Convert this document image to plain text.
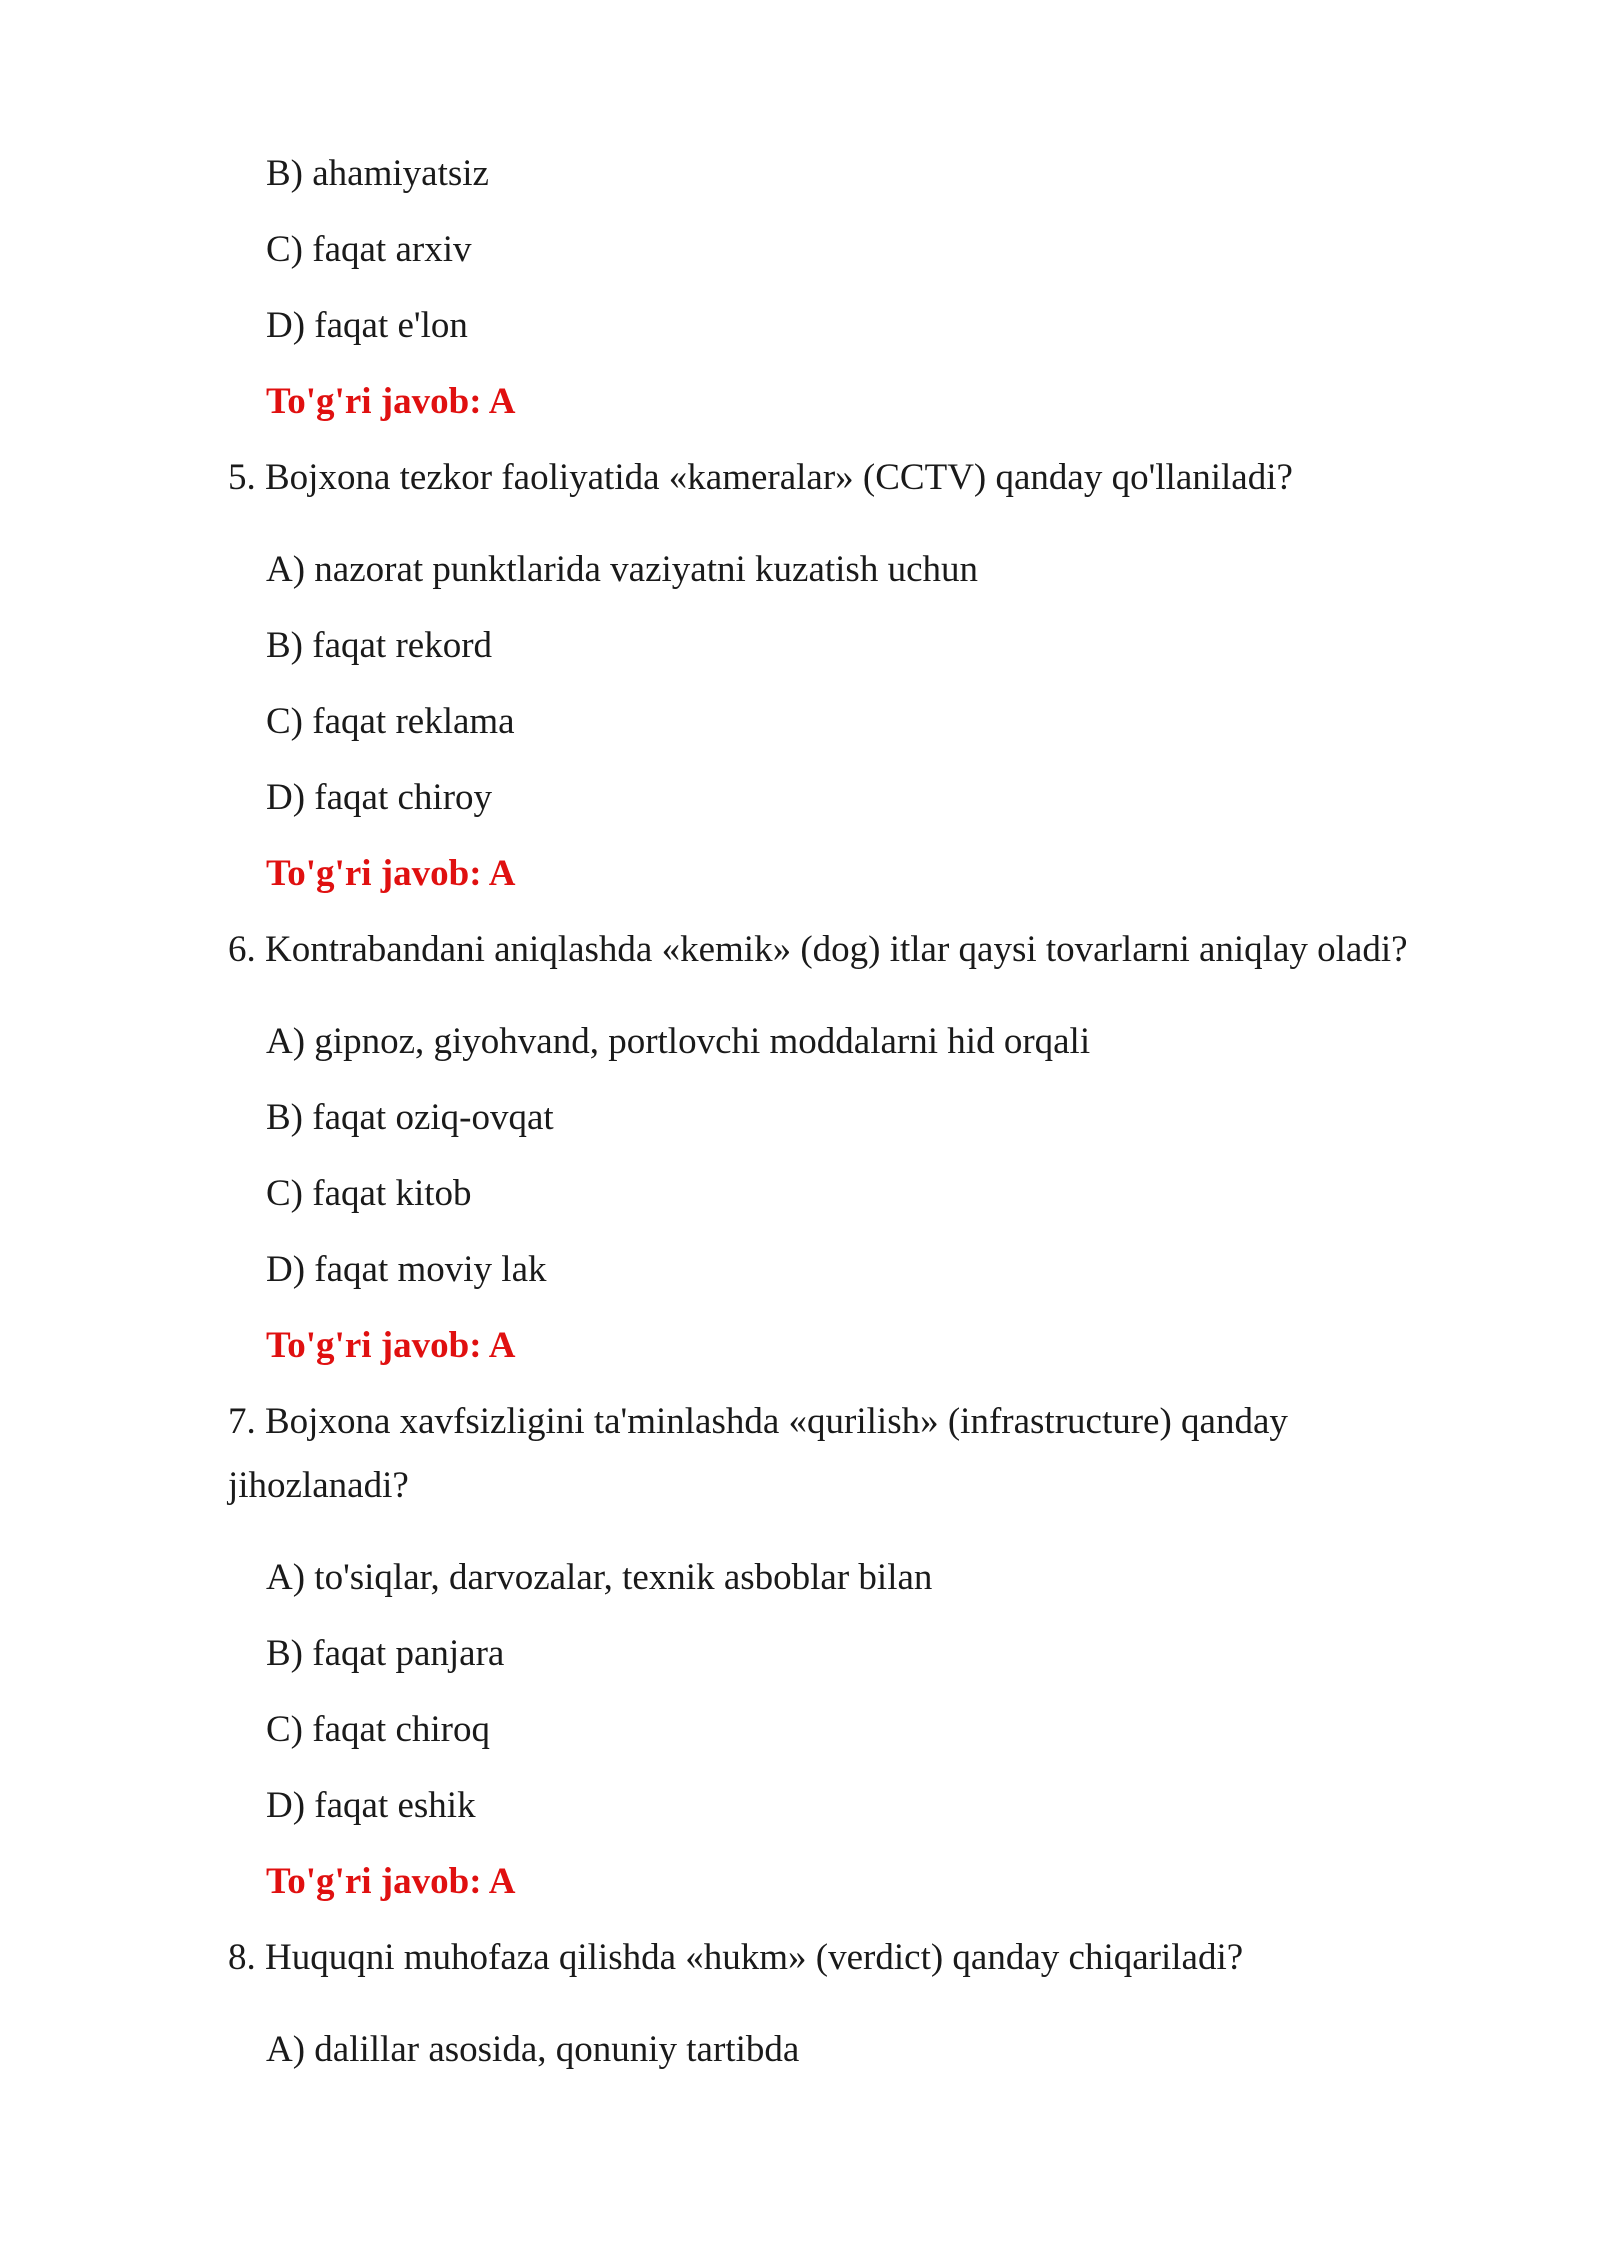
B) ahamiyatsiz
C) faqat arxiv
D) faqat e'lon
To'g'ri javob: A
5. Bojxona tezkor faoliyatida «kameralar» (CCTV) qanday qo'llaniladi?
A) nazorat punktlarida vaziyatni kuzatish uchun
B) faqat rekord
C) faqat reklama
D) faqat chiroy
To'g'ri javob: A
6. Kontrabandani aniqlashda «kemik» (dog) itlar qaysi tovarlarni aniqlay oladi?
A) gipnoz, giyohvand, portlovchi moddalarni hid orqali
B) faqat oziq-ovqat
C) faqat kitob
D) faqat moviy lak
To'g'ri javob: A
7. Bojxona xavfsizligini ta'minlashda «qurilish» (infrastructure) qanday
jihozlanadi?
A) to'siqlar, darvozalar, texnik asboblar bilan
B) faqat panjara
C) faqat chiroq
D) faqat eshik
To'g'ri javob: A
8. Huquqni muhofaza qilishda «hukm» (verdict) qanday chiqariladi?
A) dalillar asosida, qonuniy tartibda
